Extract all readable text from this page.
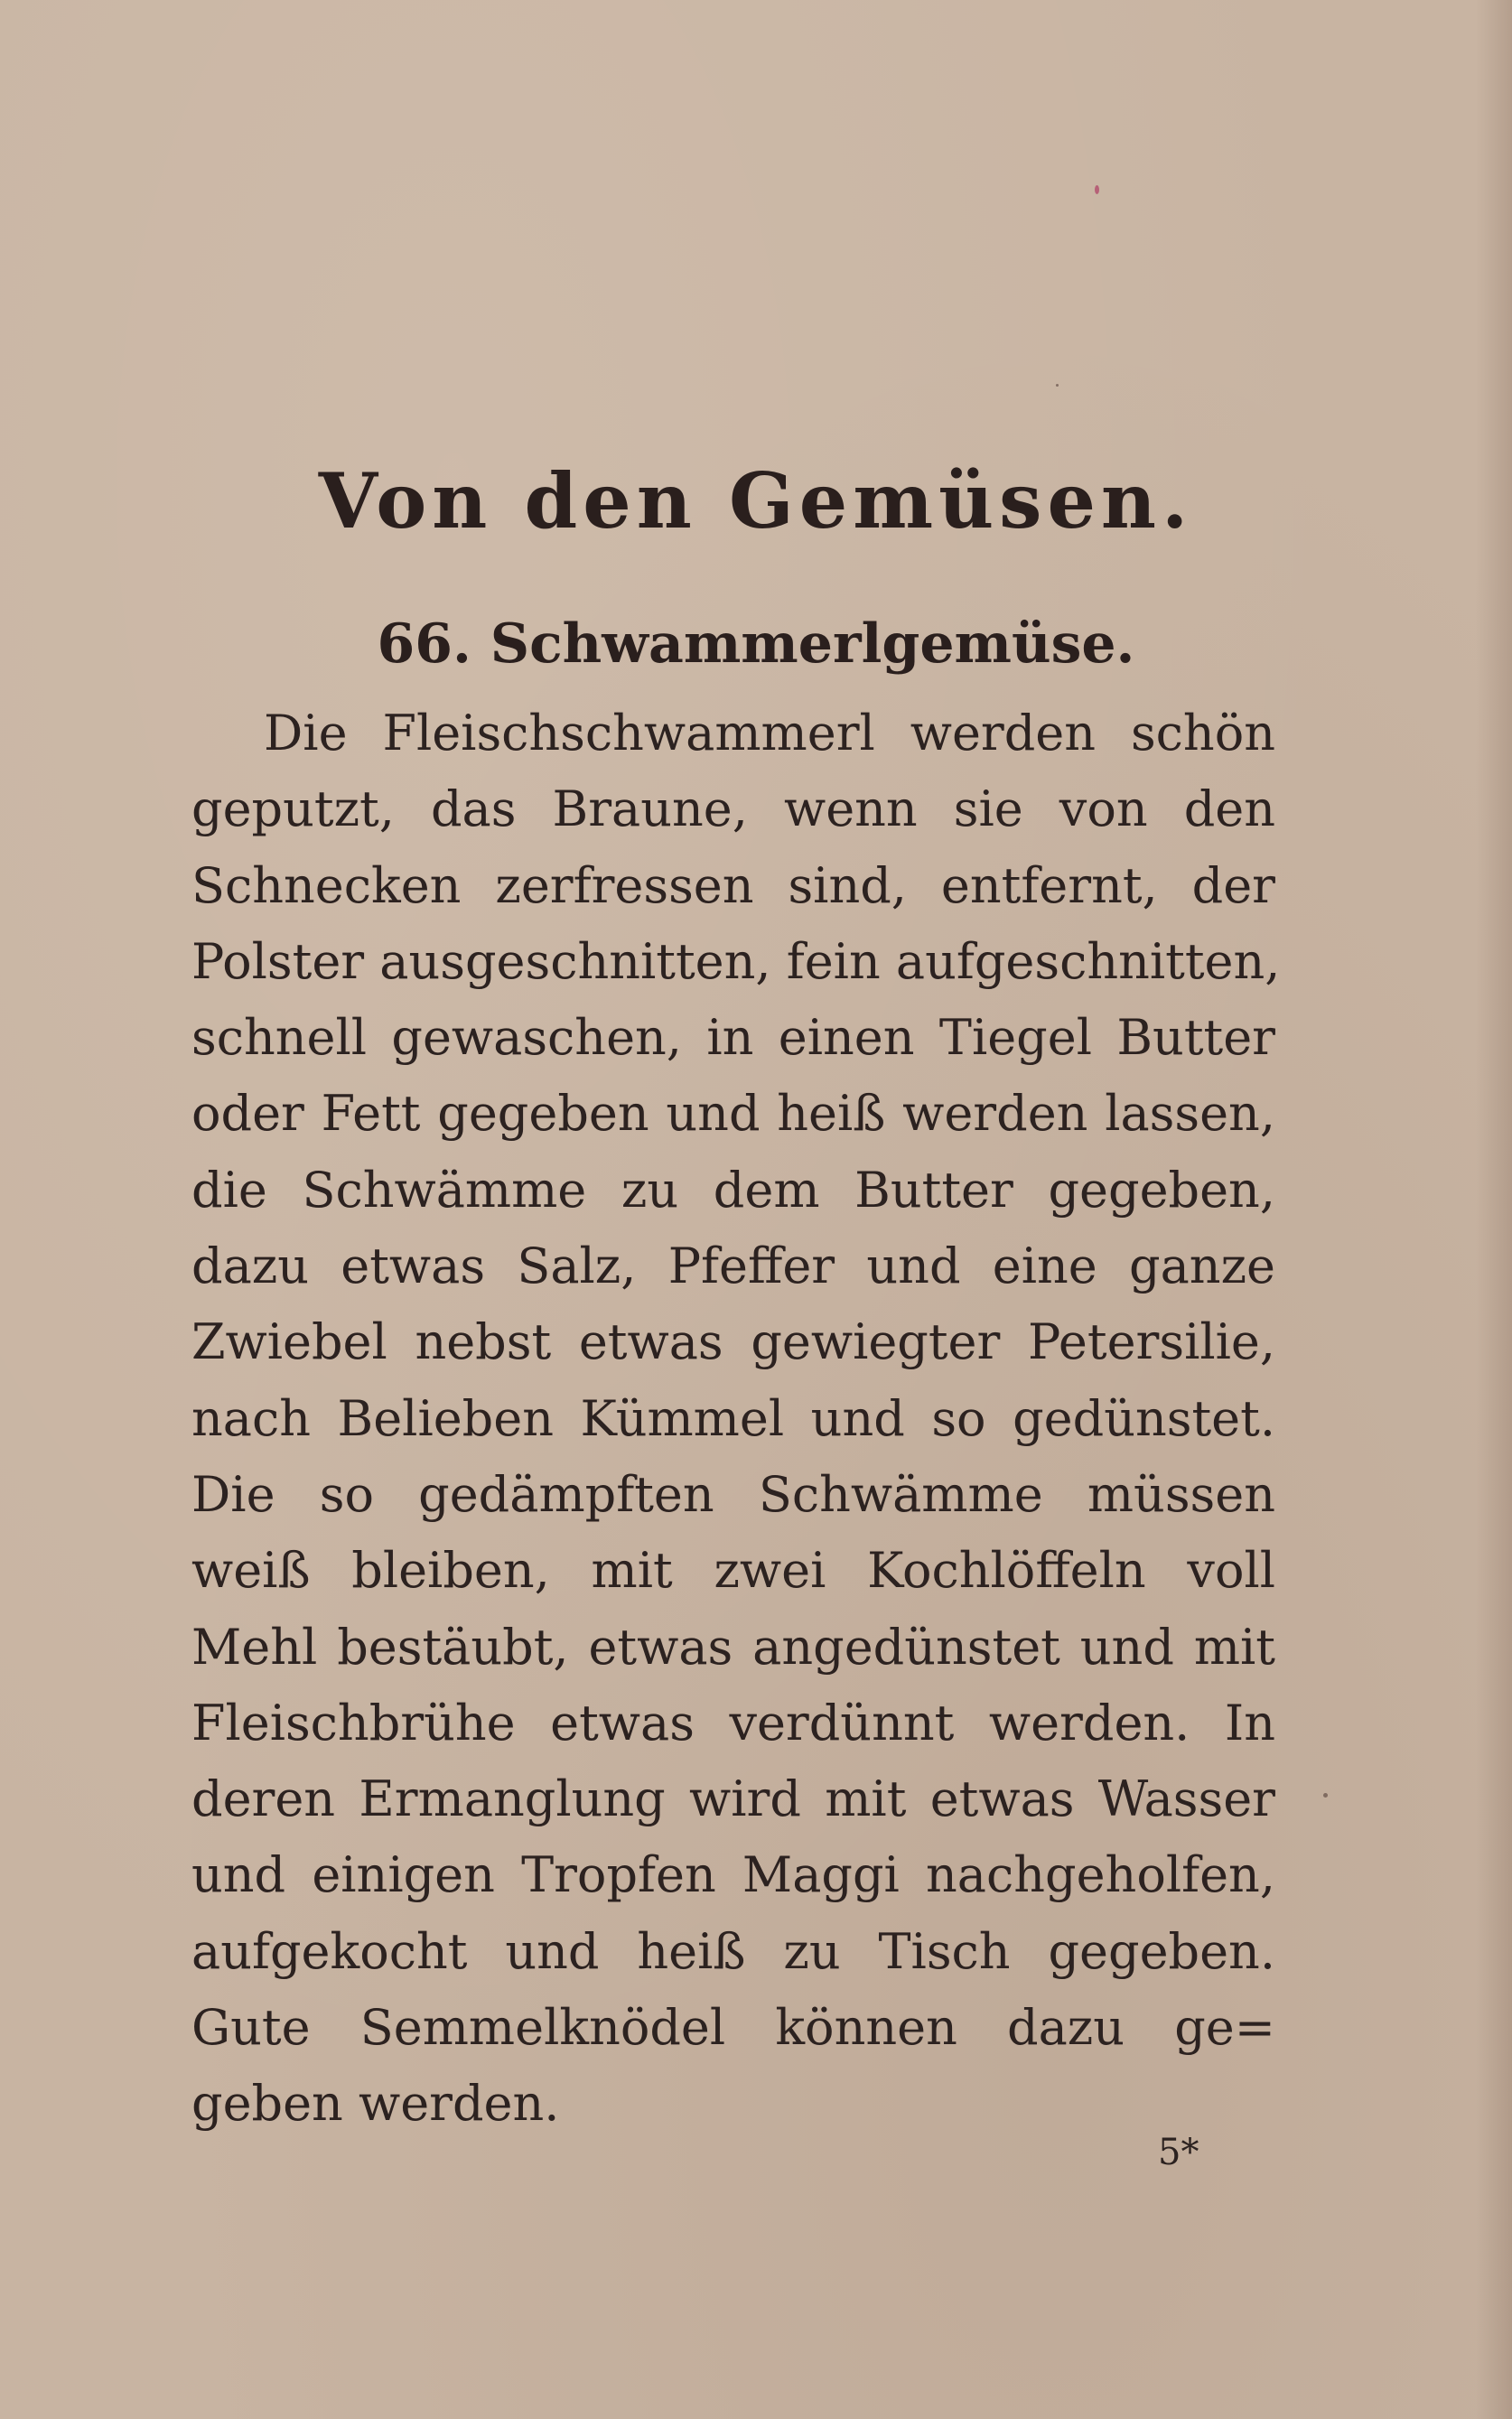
Von den Gemüsen.
66. Schwammerlgemüse.
Die Fleischschwammerl werden schön
geputzt, das Braune, wenn sie von den
Schnecken zerfressen sind, entfernt, der
Polster ausgeschnitten, fein aufgeschnitten,
schnell gewaschen, in einen Tiegel Butter
oder Fett gegeben und heiß werden lassen,
die Schwämme zu dem Butter gegeben,
dazu etwas Salz, Pfeffer und eine ganze
Zwiebel nebst etwas gewiegter Petersilie,
nach Belieben Kümmel und so gedünstet.
Die so gedämpften Schwämme müssen
weiß bleiben, mit zwei Kochlöffeln voll
Mehl bestäubt, etwas angedünstet und mit
Fleischbrühe etwas verdünnt werden. In
deren Ermanglung wird mit etwas Wasser
und einigen Tropfen Maggi nachgeholfen,
aufgekocht und heiß zu Tisch gegeben.
Gute Semmelknödel können dazu ge=
geben werden.
5*
